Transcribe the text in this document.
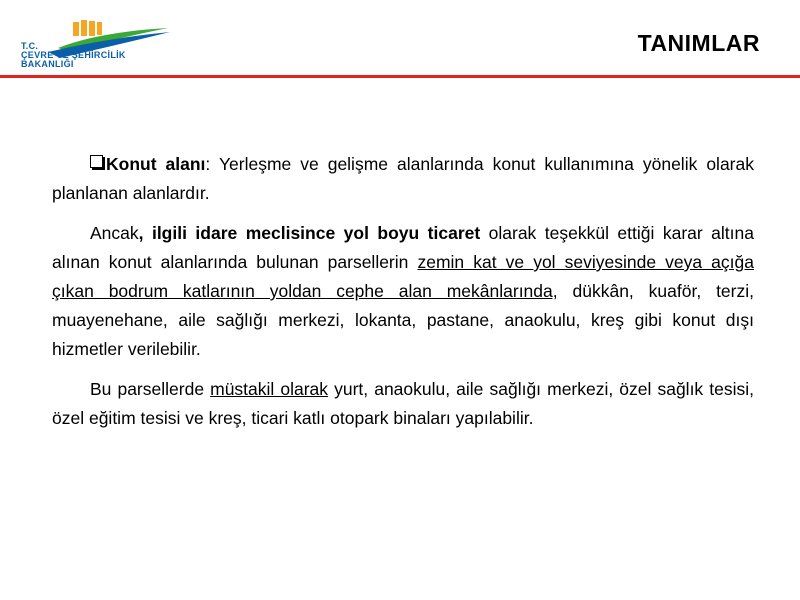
T.C.
ÇEVRE VE ŞEHİRCİLİK
BAKANLIĞI
TANIMLAR

Konut alanı: Yerleşme ve gelişme alanlarında konut kullanımına yönelik olarak planlanan alanlardır.

Ancak, ilgili idare meclisince yol boyu ticaret olarak teşekkül ettiği karar altına alınan konut alanlarında bulunan parsellerin zemin kat ve yol seviyesinde veya açığa çıkan bodrum katlarının yoldan cephe alan mekânlarında, dükkân, kuaför, terzi, muayenehane, aile sağlığı merkezi, lokanta, pastane, anaokulu, kreş gibi konut dışı hizmetler verilebilir.

Bu parsellerde müstakil olarak yurt, anaokulu, aile sağlığı merkezi, özel sağlık tesisi, özel eğitim tesisi ve kreş, ticari katlı otopark binaları yapılabilir.
